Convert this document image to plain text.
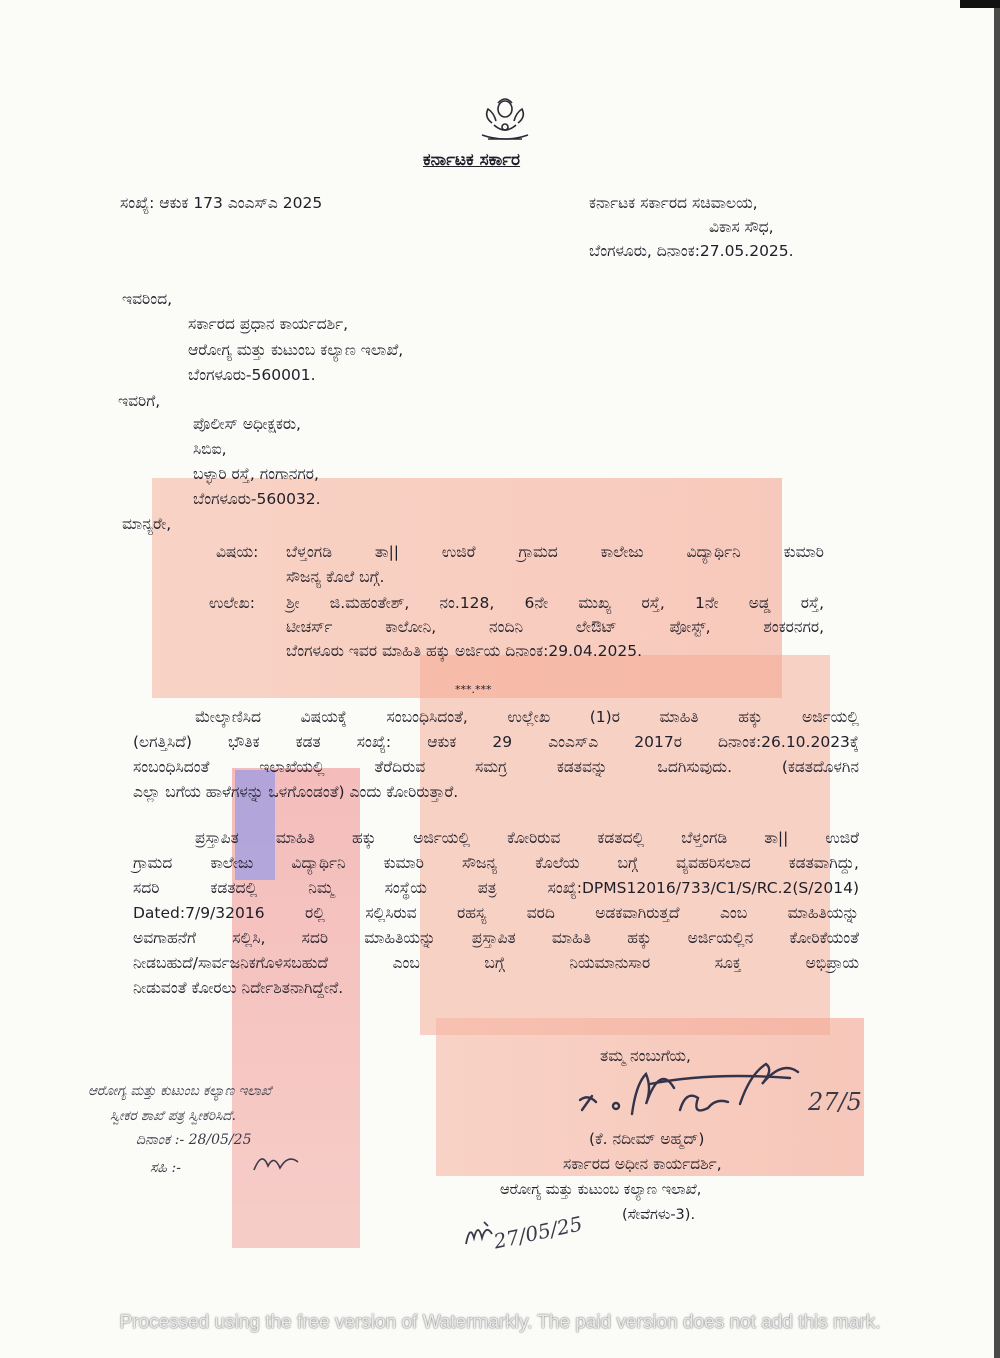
ಕರ್ನಾಟಕ ಸರ್ಕಾರ
ಸಂಖ್ಯೆ: ಆಕುಕ 173 ಎಂಎಸ್ಎ 2025	ಕರ್ನಾಟಕ ಸರ್ಕಾರದ ಸಚಿವಾಲಯ,
ವಿಕಾಸ ಸೌಧ,
ಬೆಂಗಳೂರು, ದಿನಾಂಕ:27.05.2025.
ಇವರಿಂದ,
ಸರ್ಕಾರದ ಪ್ರಧಾನ ಕಾರ್ಯದರ್ಶಿ,
ಆರೋಗ್ಯ ಮತ್ತು ಕುಟುಂಬ ಕಲ್ಯಾಣ ಇಲಾಖೆ,
ಬೆಂಗಳೂರು-560001.
ಇವರಿಗೆ,
ಪೊಲೀಸ್ ಅಧೀಕ್ಷಕರು,
ಸಿಬಿಐ,
ಬಳ್ಳಾರಿ ರಸ್ತೆ, ಗಂಗಾನಗರ,
ಬೆಂಗಳೂರು-560032.
ಮಾನ್ಯರೇ,
ವಿಷಯ: ಬೆಳ್ತಂಗಡಿ ತಾ|| ಉಜಿರೆ ಗ್ರಾಮದ ಕಾಲೇಜು ವಿದ್ಯಾರ್ಥಿನಿ ಕುಮಾರಿ
ಸೌಜನ್ಯ ಕೊಲೆ ಬಗ್ಗೆ.
ಉಲೇಖ: ಶ್ರೀ ಜಿ.ಮಹಂತೇಶ್, ನಂ.128, 6ನೇ ಮುಖ್ಯ ರಸ್ತೆ, 1ನೇ ಅಡ್ಡ ರಸ್ತೆ,
ಟೀಚರ್ಸ್ ಕಾಲೋನಿ, ನಂದಿನಿ ಲೇಔಟ್ ಪೋಸ್ಟ್, ಶಂಕರನಗರ,
ಬೆಂಗಳೂರು ಇವರ ಮಾಹಿತಿ ಹಕ್ಕು ಅರ್ಜಿಯ ದಿನಾಂಕ:29.04.2025.
***.***
ಮೇಲ್ಕಾಣಿಸಿದ ವಿಷಯಕ್ಕೆ ಸಂಬಂಧಿಸಿದಂತೆ, ಉಲ್ಲೇಖ (1)ರ ಮಾಹಿತಿ ಹಕ್ಕು ಅರ್ಜಿಯಲ್ಲಿ
(ಲಗತ್ತಿಸಿದೆ) ಭೌತಿಕ ಕಡತ ಸಂಖ್ಯೆ: ಆಕುಕ 29 ಎಂಎಸ್ಎ 2017ರ ದಿನಾಂಕ:26.10.2023ಕ್ಕೆ
ಸಂಬಂಧಿಸಿದಂತೆ ಇಲಾಖೆಯಲ್ಲಿ ತೆರೆದಿರುವ ಸಮಗ್ರ ಕಡತವನ್ನು ಒದಗಿಸುವುದು. (ಕಡತದೊಳಗಿನ
ಎಲ್ಲಾ ಬಗೆಯ ಹಾಳೆಗಳನ್ನು ಒಳಗೊಂಡಂತೆ) ಎಂದು ಕೋರಿರುತ್ತಾರೆ.
ಪ್ರಸ್ತಾಪಿತ ಮಾಹಿತಿ ಹಕ್ಕು ಅರ್ಜಿಯಲ್ಲಿ ಕೋರಿರುವ ಕಡತದಲ್ಲಿ ಬೆಳ್ತಂಗಡಿ ತಾ|| ಉಜಿರೆ
ಗ್ರಾಮದ ಕಾಲೇಜು ವಿದ್ಯಾರ್ಥಿನಿ ಕುಮಾರಿ ಸೌಜನ್ಯ ಕೊಲೆಯ ಬಗ್ಗೆ ವ್ಯವಹರಿಸಲಾದ ಕಡತವಾಗಿದ್ದು,
ಸದರಿ ಕಡತದಲ್ಲಿ ನಿಮ್ಮ ಸಂಸ್ಥೆಯ ಪತ್ರ ಸಂಖ್ಯೆ:DPMS12016/733/C1/S/RC.2(S/2014)
Dated:7/9/32016 ರಲ್ಲಿ ಸಲ್ಲಿಸಿರುವ ರಹಸ್ಯ ವರದಿ ಅಡಕವಾಗಿರುತ್ತದೆ ಎಂಬ ಮಾಹಿತಿಯನ್ನು
ಅವಗಾಹನೆಗೆ ಸಲ್ಲಿಸಿ, ಸದರಿ ಮಾಹಿತಿಯನ್ನು ಪ್ರಸ್ತಾಪಿತ ಮಾಹಿತಿ ಹಕ್ಕು ಅರ್ಜಿಯಲ್ಲಿನ ಕೋರಿಕೆಯಂತೆ
ನೀಡಬಹುದೆ/ಸಾರ್ವಜನಿಕಗೊಳಿಸಬಹುದೆ ಎಂಬ ಬಗ್ಗೆ ನಿಯಮಾನುಸಾರ ಸೂಕ್ತ ಅಭಿಪ್ರಾಯ
ನೀಡುವಂತೆ ಕೋರಲು ನಿರ್ದೇಶಿತನಾಗಿದ್ದೇನೆ.
ತಮ್ಮ ನಂಬುಗೆಯ,
27/5
(ಕೆ. ನದೀಮ್ ಅಹ್ಮದ್)
ಸರ್ಕಾರದ ಅಧೀನ ಕಾರ್ಯದರ್ಶಿ,
ಆರೋಗ್ಯ ಮತ್ತು ಕುಟುಂಬ ಕಲ್ಯಾಣ ಇಲಾಖೆ,
(ಸೇವೆಗಳು-3).
ಆರೋಗ್ಯ ಮತ್ತು ಕುಟುಂಬ ಕಲ್ಯಾಣ ಇಲಾಖೆ
ಸ್ವೀಕರ ಶಾಖೆ ಪತ್ರ ಸ್ವೀಕರಿಸಿದೆ.
ದಿನಾಂಕ :- 28/05/25
ಸಹಿ :-
27/05/25
Processed using the free version of Watermarkly. The paid version does not add this mark.
